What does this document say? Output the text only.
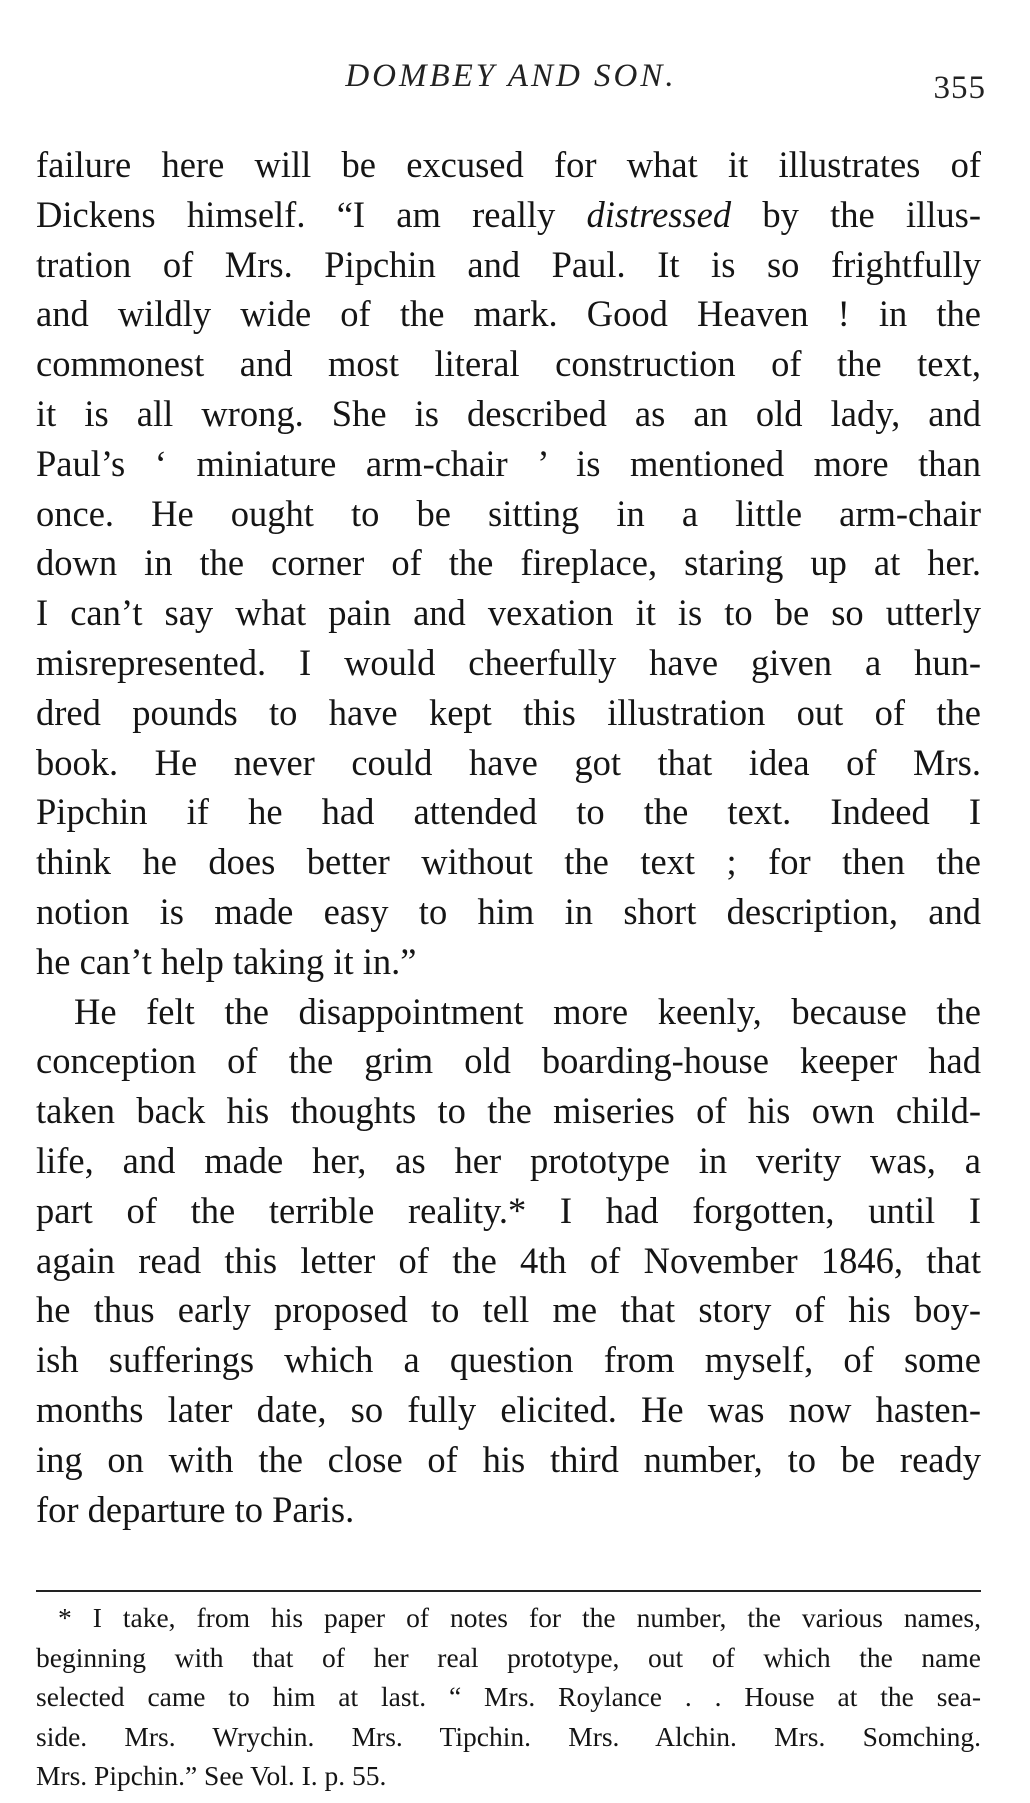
DOMBEY AND SON.	355
failure here will be excused for what it illustrates of
Dickens himself. “I am really distressed by the illus-
tration of Mrs. Pipchin and Paul. It is so frightfully
and wildly wide of the mark. Good Heaven ! in the
commonest and most literal construction of the text,
it is all wrong. She is described as an old lady, and
Paul’s ‘ miniature arm-chair ’ is mentioned more than
once. He ought to be sitting in a little arm-chair
down in the corner of the fireplace, staring up at her.
I can’t say what pain and vexation it is to be so utterly
misrepresented. I would cheerfully have given a hun-
dred pounds to have kept this illustration out of the
book. He never could have got that idea of Mrs.
Pipchin if he had attended to the text. Indeed I
think he does better without the text ; for then the
notion is made easy to him in short description, and
he can’t help taking it in.”
He felt the disappointment more keenly, because the
conception of the grim old boarding-house keeper had
taken back his thoughts to the miseries of his own child-
life, and made her, as her prototype in verity was, a
part of the terrible reality.* I had forgotten, until I
again read this letter of the 4th of November 1846, that
he thus early proposed to tell me that story of his boy-
ish sufferings which a question from myself, of some
months later date, so fully elicited. He was now hasten-
ing on with the close of his third number, to be ready
for departure to Paris.
* I take, from his paper of notes for the number, the various names,
beginning with that of her real prototype, out of which the name
selected came to him at last. “ Mrs. Roylance . . House at the sea-
side. Mrs. Wrychin. Mrs. Tipchin. Mrs. Alchin. Mrs. Somching.
Mrs. Pipchin.” See Vol. I. p. 55.
